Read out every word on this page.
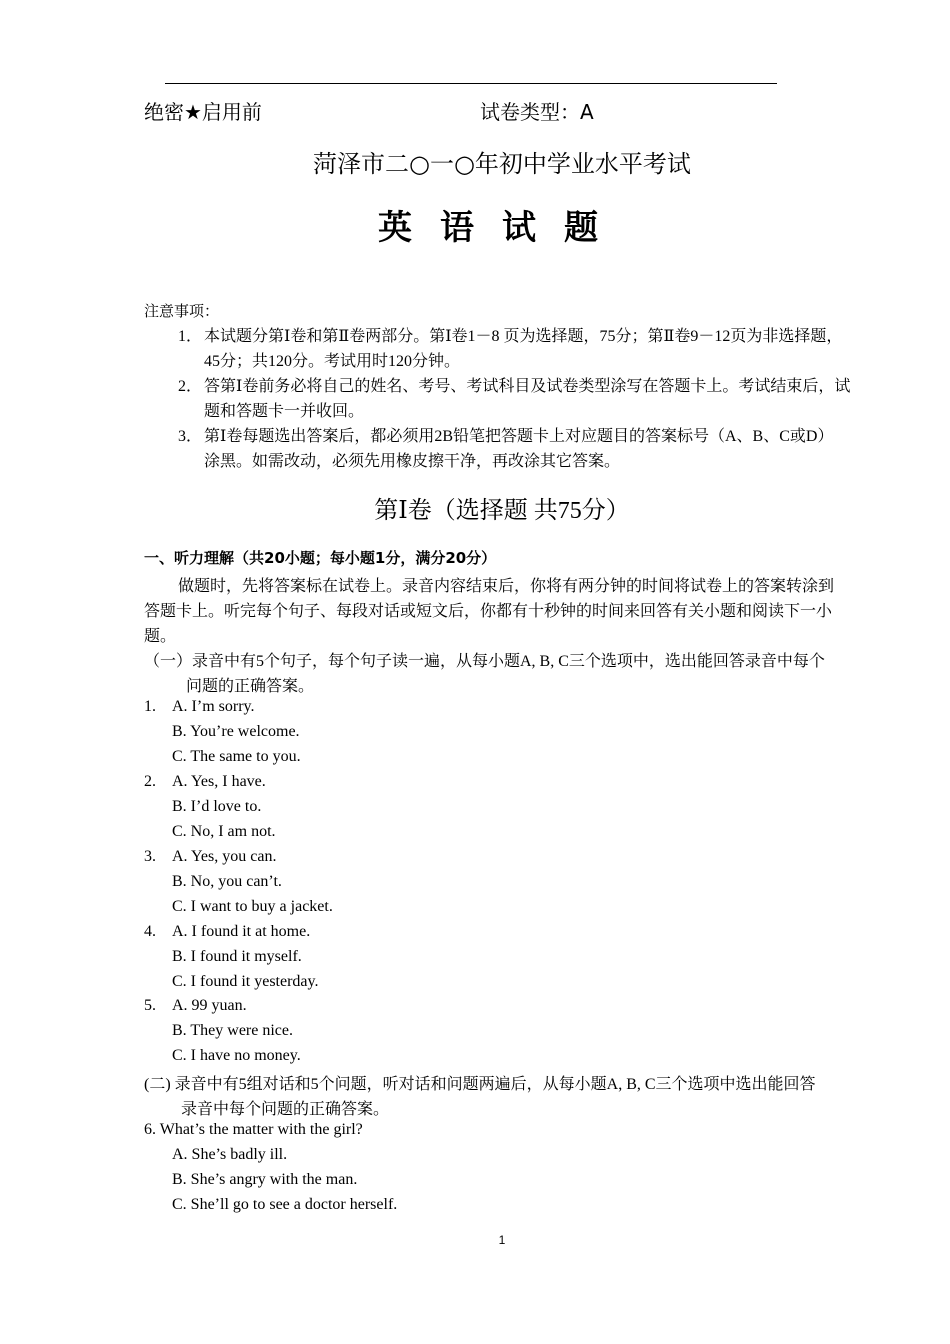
绝密★启用前	试卷类型：A
菏泽市二○一○年初中学业水平考试
英语试题
注意事项：
1． 本试题分第Ⅰ卷和第Ⅱ卷两部分。第Ⅰ卷1－8 页为选择题，75分；第Ⅱ卷9－12页为非选择题，
45分；共120分。考试用时120分钟。
2． 答第Ⅰ卷前务必将自己的姓名、考号、考试科目及试卷类型涂写在答题卡上。考试结束后，试
题和答题卡一并收回。
3． 第Ⅰ卷每题选出答案后，都必须用2B铅笔把答题卡上对应题目的答案标号（A、B、C或D）
涂黑。如需改动，必须先用橡皮擦干净，再改涂其它答案。
第Ⅰ卷（选择题 共75分）
一、听力理解（共20小题；每小题1分，满分20分）
做题时，先将答案标在试卷上。录音内容结束后，你将有两分钟的时间将试卷上的答案转涂到
答题卡上。听完每个句子、每段对话或短文后，你都有十秒钟的时间来回答有关小题和阅读下一小
题。
（一）录音中有5个句子，每个句子读一遍，从每小题A, B, C三个选项中，选出能回答录音中每个
问题的正确答案。
1. A. I’m sorry.
B. You’re welcome.
C. The same to you.
2. A. Yes, I have.
B. I’d love to.
C. No, I am not.
3. A. Yes, you can.
B. No, you can’t.
C. I want to buy a jacket.
4. A. I found it at home.
B. I found it myself.
C. I found it yesterday.
5. A. 99 yuan.
B. They were nice.
C. I have no money.
(二) 录音中有5组对话和5个问题，听对话和问题两遍后，从每小题A, B, C三个选项中选出能回答
录音中每个问题的正确答案。
6. What’s the matter with the girl?
A. She’s badly ill.
B. She’s angry with the man.
C. She’ll go to see a doctor herself.
1
